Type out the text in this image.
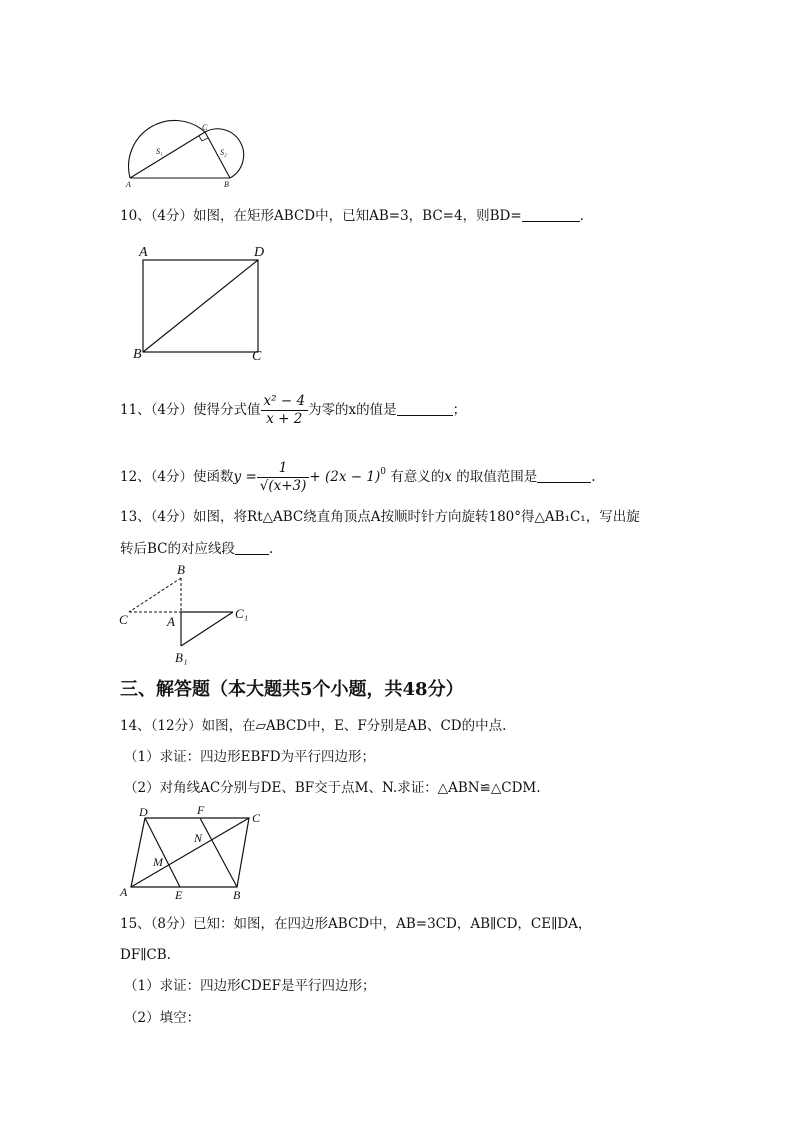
S₁	S₂
A	B
C
10、（4分）如图，在矩形ABCD中，已知AB=3，BC=4，则BD=	.
A	D
B	C
11、（4分）使得分式值 $\frac{\text{x² − 4}}{x + 2}$ 为零的x的值是	；
12、（4分）使函数$y = \frac{1}{√(x+3)} + (2x - 1)^0$ 有意义的x 的取值范围是	.
13、（4分）如图，将Rt△ABC绕直角顶点A按顺时针方向旋转180°得△AB₁C₁，写出旋
转后BC的对应线段	.
B
C	A
C₁
B₁
三、解答题（本大题共5个小题，共48分）
14、（12分）如图，在▱ABCD中，E、F分别是AB、CD的中点.
（1）求证：四边形EBFD为平行四边形；
（2）对角线AC分别与DE、BF交于点M、N.求证：△ABN≌△CDM.
D	F
C
N
M
A	E	B
15、（8分）已知：如图，在四边形ABCD中，AB=3CD，AB∥CD，CE∥DA，
DF∥CB.
（1）求证：四边形CDEF是平行四边形；
（2）填空：
